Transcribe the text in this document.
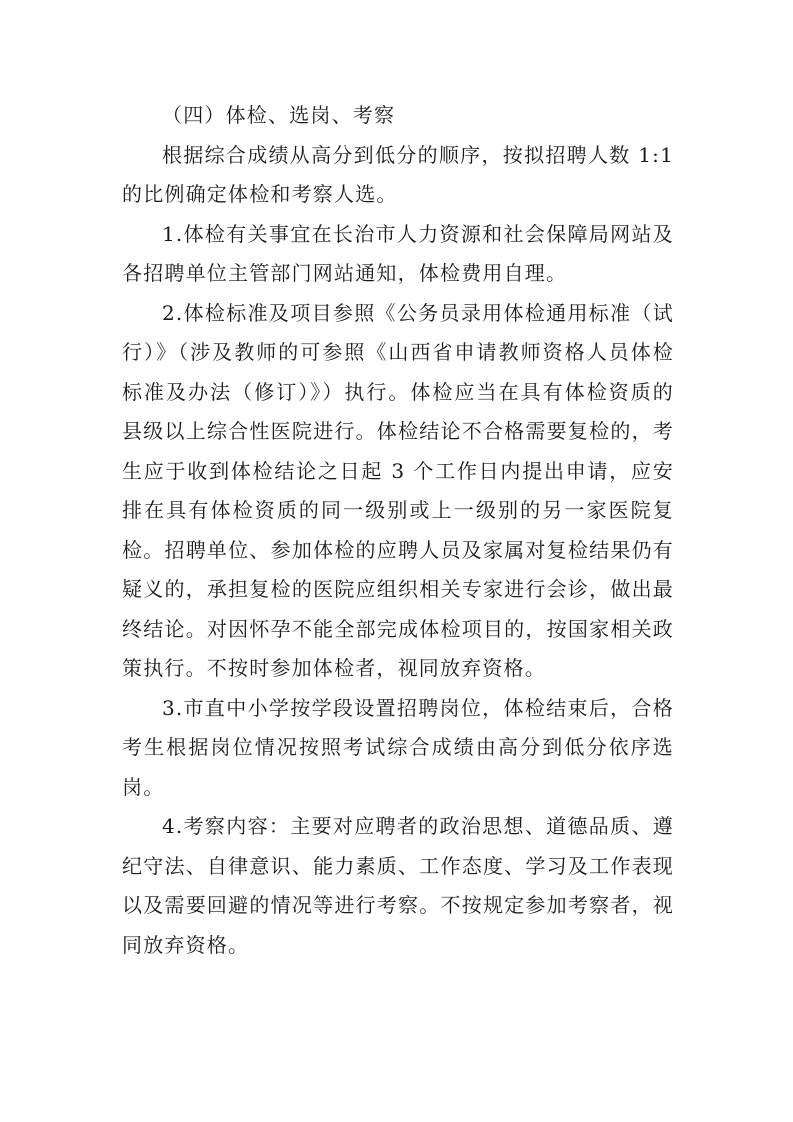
（四）体检、选岗、考察

根据综合成绩从高分到低分的顺序，按拟招聘人数 1:1 的比例确定体检和考察人选。

1.体检有关事宜在长治市人力资源和社会保障局网站及各招聘单位主管部门网站通知，体检费用自理。

2.体检标准及项目参照《公务员录用体检通用标准（试行）》（涉及教师的可参照《山西省申请教师资格人员体检标准及办法（修订）》）执行。体检应当在具有体检资质的县级以上综合性医院进行。体检结论不合格需要复检的，考生应于收到体检结论之日起 3 个工作日内提出申请，应安排在具有体检资质的同一级别或上一级别的另一家医院复检。招聘单位、参加体检的应聘人员及家属对复检结果仍有疑义的，承担复检的医院应组织相关专家进行会诊，做出最终结论。对因怀孕不能全部完成体检项目的，按国家相关政策执行。不按时参加体检者，视同放弃资格。

3.市直中小学按学段设置招聘岗位，体检结束后，合格考生根据岗位情况按照考试综合成绩由高分到低分依序选岗。

4.考察内容：主要对应聘者的政治思想、道德品质、遵纪守法、自律意识、能力素质、工作态度、学习及工作表现以及需要回避的情况等进行考察。不按规定参加考察者，视同放弃资格。
